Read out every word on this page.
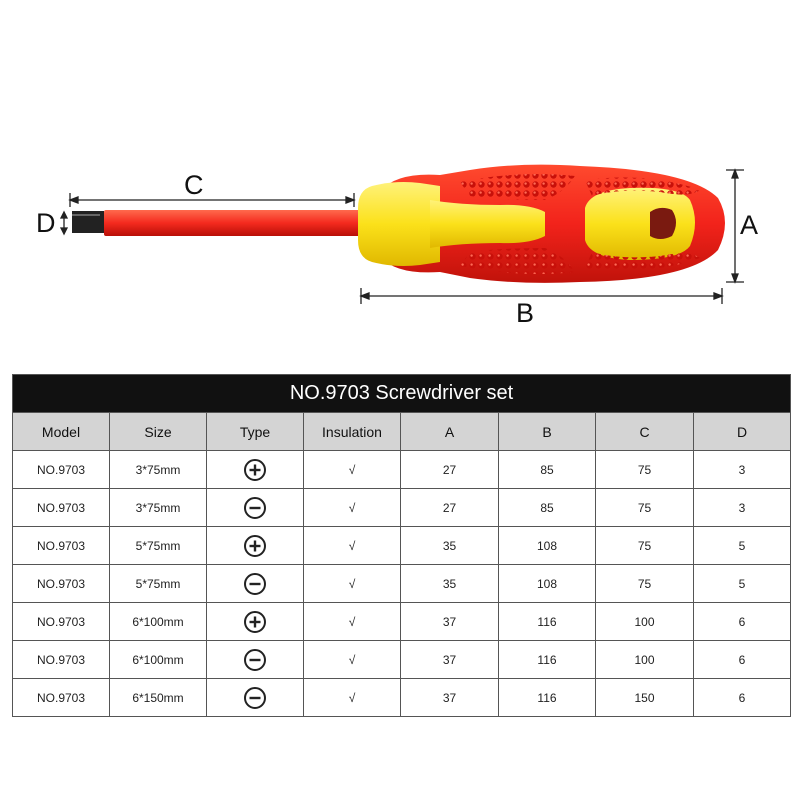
C
D	A
B
NO.9703 Screwdriver set							
Model	Size	Type	Insulation	A	B	C	D
NO.9703	3*75mm		√	27	85	75	3
NO.9703	3*75mm		√	27	85	75	3
NO.9703	5*75mm		√	35	108	75	5
NO.9703	5*75mm		√	35	108	75	5
NO.9703	6*100mm		√	37	116	100	6
NO.9703	6*100mm		√	37	116	100	6
NO.9703	6*150mm		√	37	116	150	6
